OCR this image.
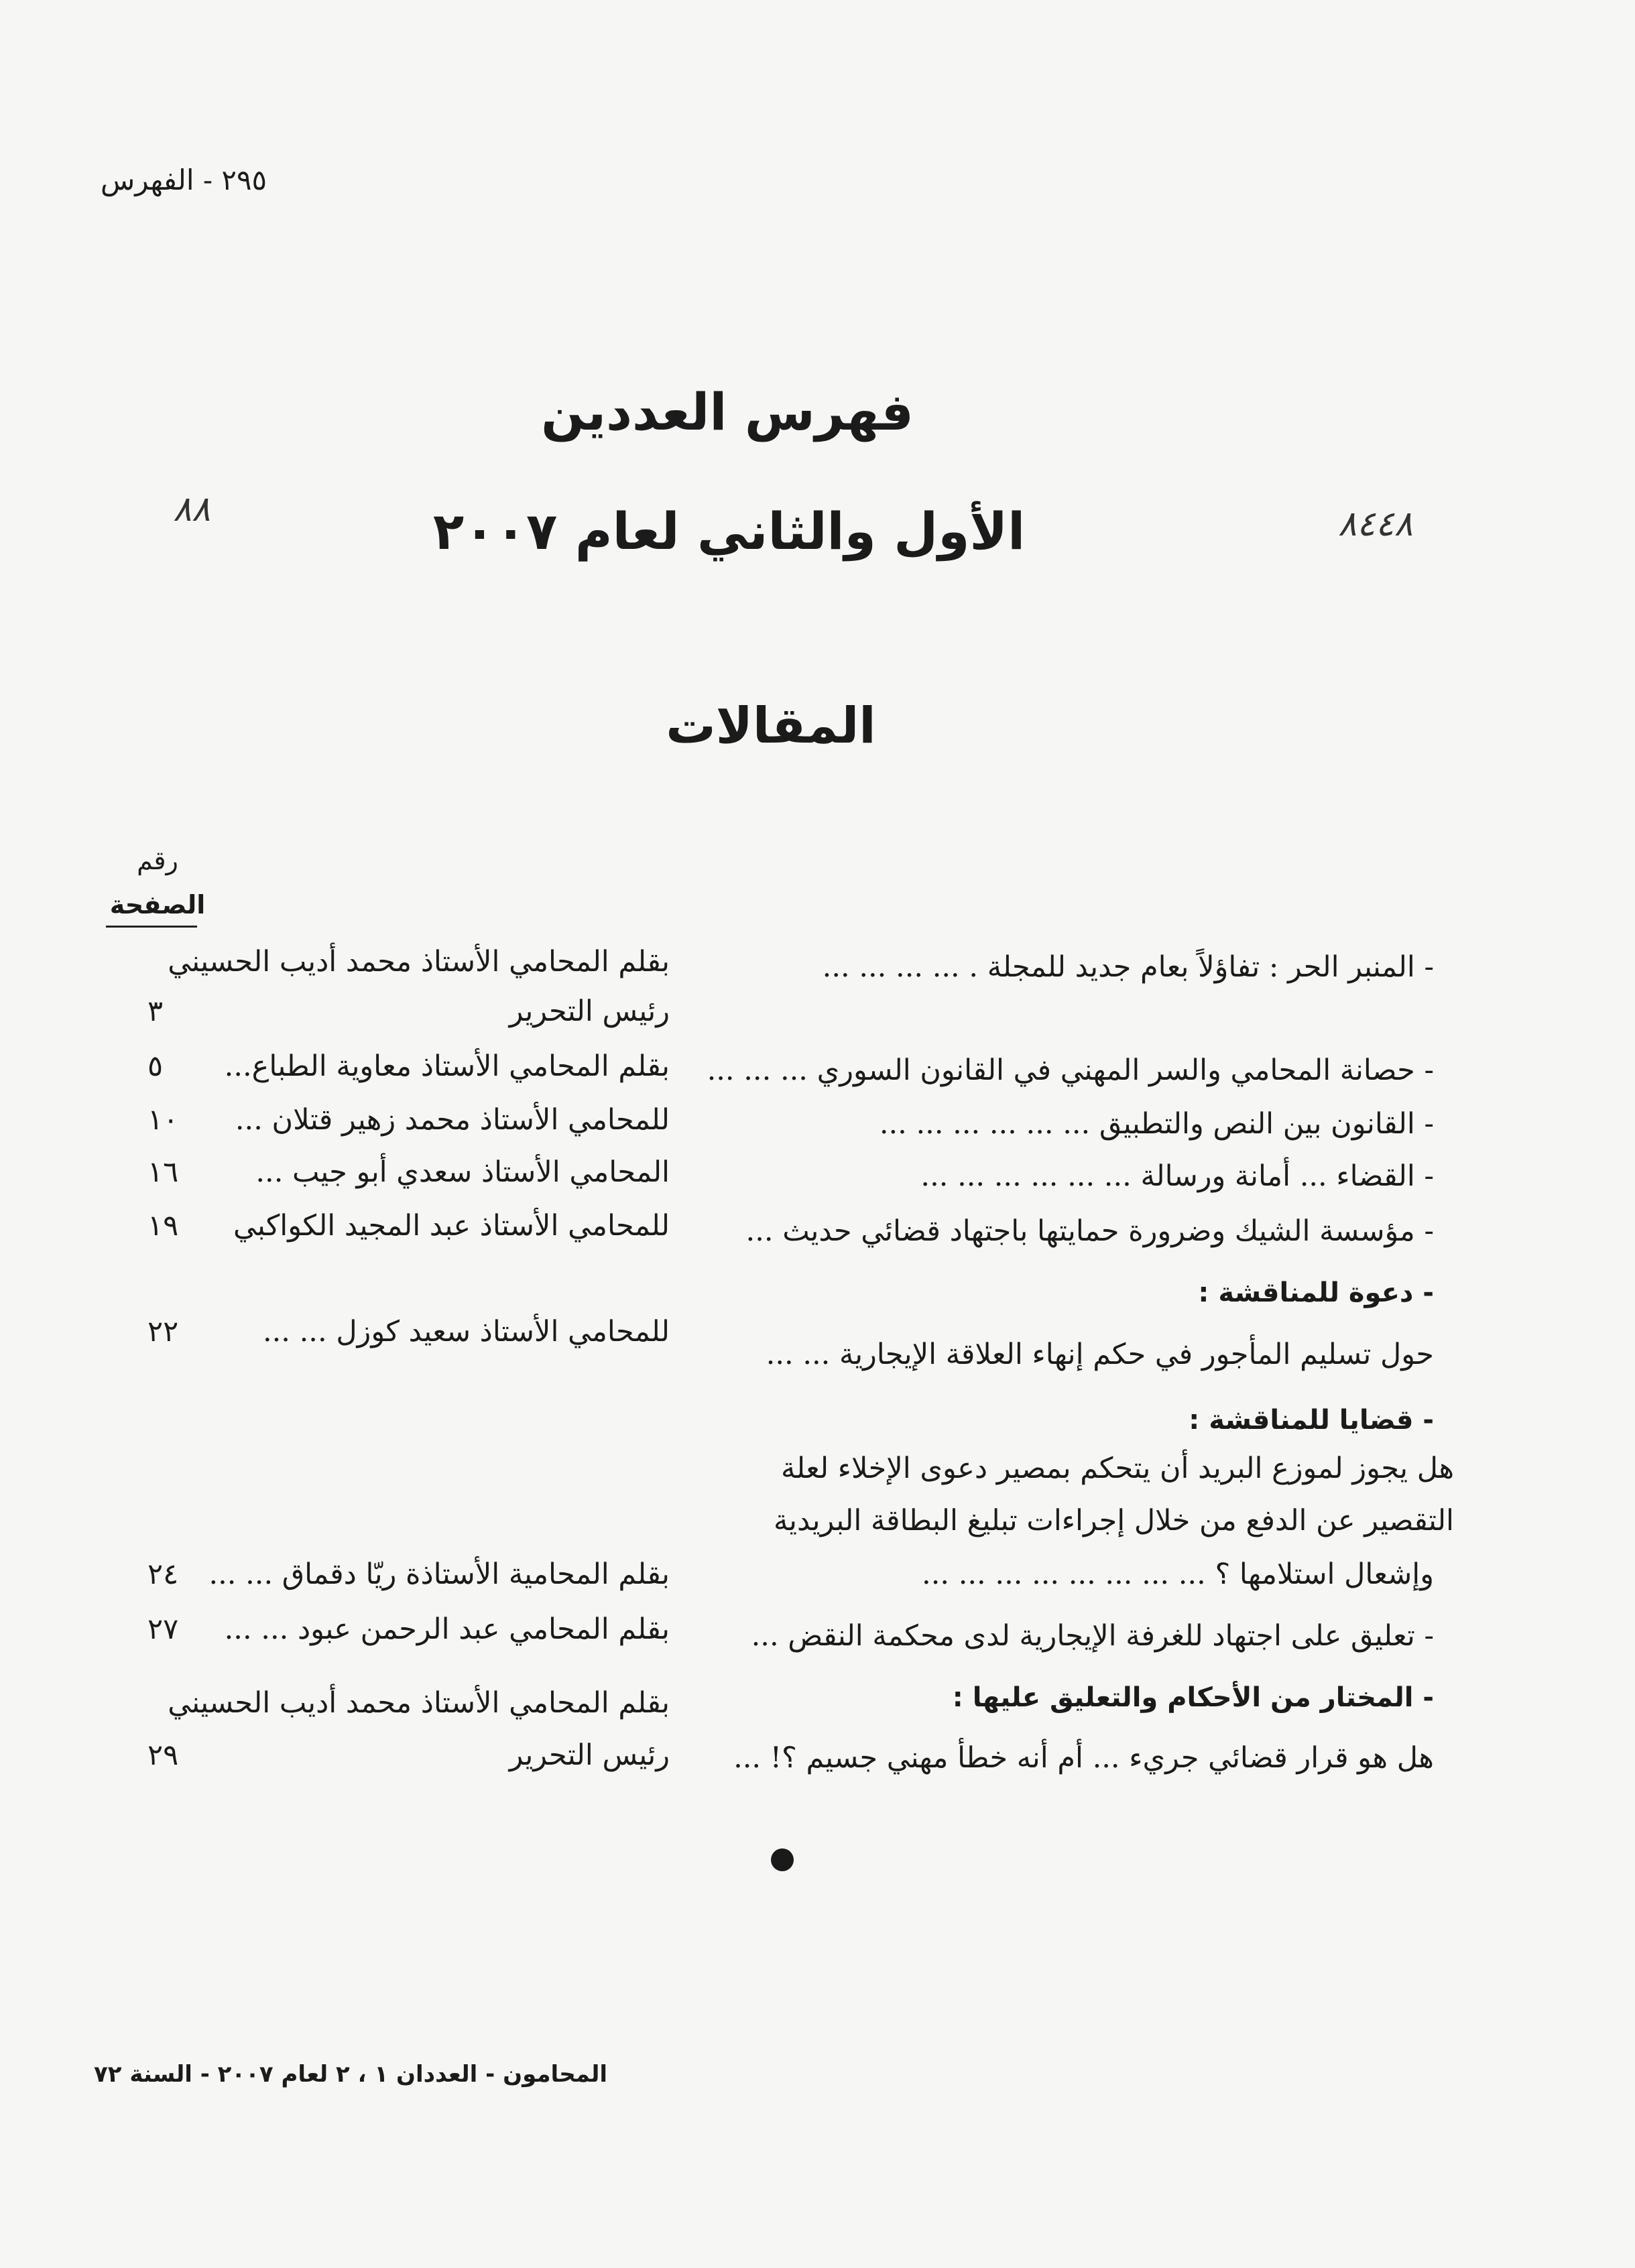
٢٩٥ - الفهرس
٨٨	٨٤٤٨
فهرس العددين
الأول والثاني لعام ٢٠٠٧
المقالات
رقم
الصفحة
- المنبر الحر : تفاؤلاً بعام جديد للمجلة . ... ... ... ...
بقلم المحامي الأستاذ محمد أديب الحسيني
رئيس التحرير
٣
- حصانة المحامي والسر المهني في القانون السوري ... ... ...
بقلم المحامي الأستاذ معاوية الطباع...
٥
- القانون بين النص والتطبيق ... ... ... ... ... ...
للمحامي الأستاذ محمد زهير قتلان ...
١٠
- القضاء ... أمانة ورسالة ... ... ... ... ... ...
المحامي الأستاذ سعدي أبو جيب ...
١٦
- مؤسسة الشيك وضرورة حمايتها باجتهاد قضائي حديث ...
للمحامي الأستاذ عبد المجيد الكواكبي
١٩
- دعوة للمناقشة :
حول تسليم المأجور في حكم إنهاء العلاقة الإيجارية ... ...
للمحامي الأستاذ سعيد كوزل ... ...
٢٢
- قضايا للمناقشة :
هل يجوز لموزع البريد أن يتحكم بمصير دعوى الإخلاء لعلة
التقصير عن الدفع من خلال إجراءات تبليغ البطاقة البريدية
وإشعال استلامها ؟ ... ... ... ... ... ... ... ...
بقلم المحامية الأستاذة ريّا دقماق ... ...
٢٤
- تعليق على اجتهاد للغرفة الإيجارية لدى محكمة النقض ...
بقلم المحامي عبد الرحمن عبود ... ...
٢٧
- المختار من الأحكام والتعليق عليها :
هل هو قرار قضائي جريء ... أم أنه خطأ مهني جسيم ؟! ...
بقلم المحامي الأستاذ محمد أديب الحسيني
رئيس التحرير
٢٩
المحامون - العددان ١ ، ٢ لعام ٢٠٠٧ - السنة ٧٢
